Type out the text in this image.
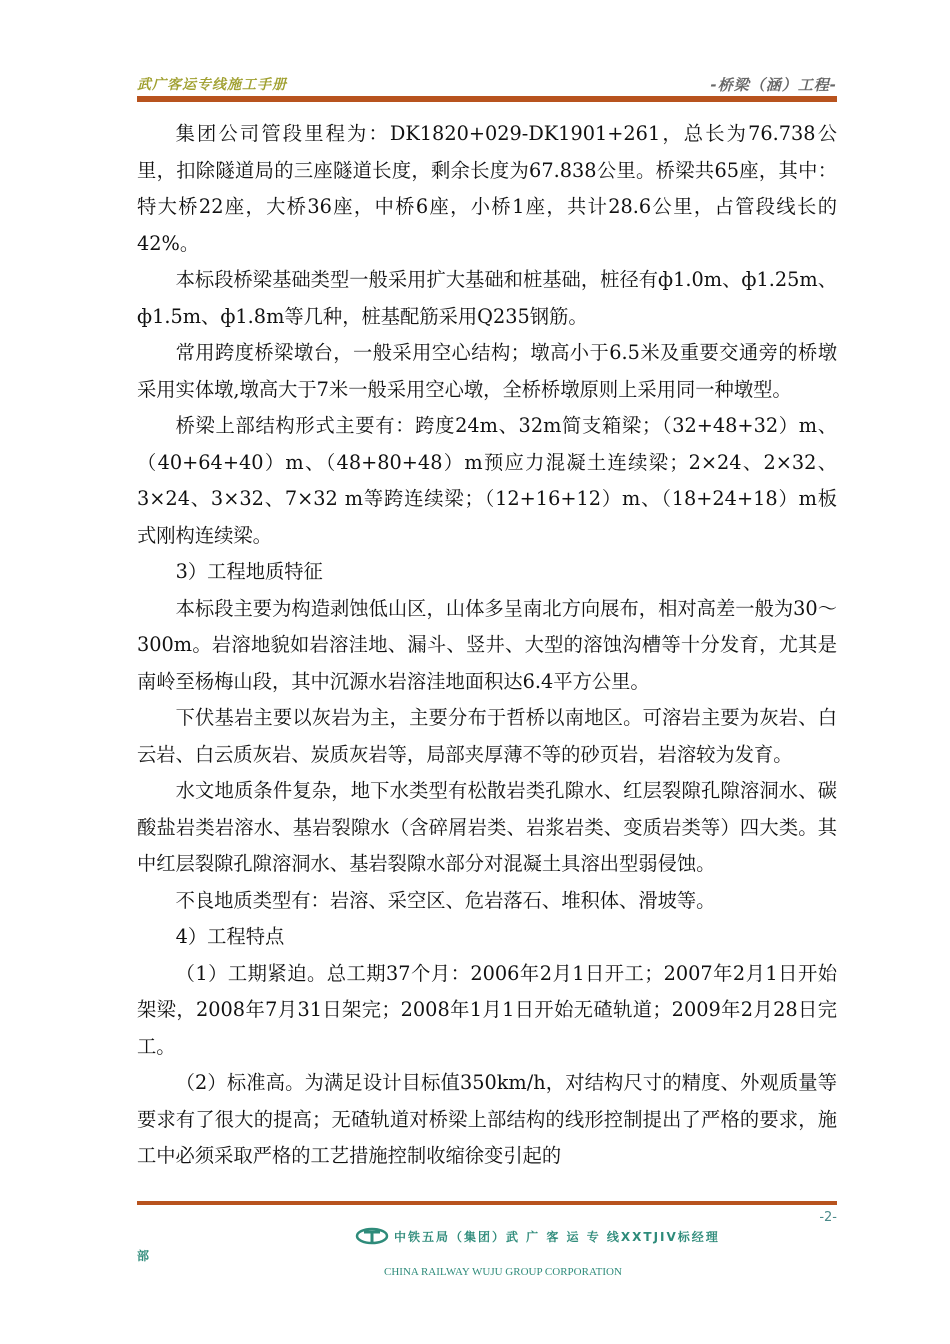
武广客运专线施工手册	-桥梁（涵）工程-

集团公司管段里程为：DK1820+029-DK1901+261，总长为76.738公里，扣除隧道局的三座隧道长度，剩余长度为67.838公里。桥梁共65座，其中：特大桥22座，大桥36座，中桥6座，小桥1座，共计28.6公里，占管段线长的42%。

本标段桥梁基础类型一般采用扩大基础和桩基础，桩径有ф1.0m、ф1.25m、ф1.5m、ф1.8m等几种，桩基配筋采用Q235钢筋。

常用跨度桥梁墩台，一般采用空心结构；墩高小于6.5米及重要交通旁的桥墩采用实体墩,墩高大于7米一般采用空心墩，全桥桥墩原则上采用同一种墩型。

桥梁上部结构形式主要有：跨度24m、32m简支箱梁；（32+48+32）m、（40+64+40）m、（48+80+48）m预应力混凝土连续梁；2×24、2×32、3×24、3×32、7×32 m等跨连续梁；（12+16+12）m、（18+24+18）m板式刚构连续梁。

3）工程地质特征

本标段主要为构造剥蚀低山区，山体多呈南北方向展布，相对高差一般为30～300m。岩溶地貌如岩溶洼地、漏斗、竖井、大型的溶蚀沟槽等十分发育，尤其是南岭至杨梅山段，其中沉源水岩溶洼地面积达6.4平方公里。

下伏基岩主要以灰岩为主，主要分布于哲桥以南地区。可溶岩主要为灰岩、白云岩、白云质灰岩、炭质灰岩等，局部夹厚薄不等的砂页岩，岩溶较为发育。

水文地质条件复杂，地下水类型有松散岩类孔隙水、红层裂隙孔隙溶洞水、碳酸盐岩类岩溶水、基岩裂隙水（含碎屑岩类、岩浆岩类、变质岩类等）四大类。其中红层裂隙孔隙溶洞水、基岩裂隙水部分对混凝土具溶出型弱侵蚀。

不良地质类型有：岩溶、采空区、危岩落石、堆积体、滑坡等。

4）工程特点

（1）工期紧迫。总工期37个月：2006年2月1日开工；2007年2月1日开始架梁，2008年7月31日架完；2008年1月1日开始无碴轨道；2009年2月28日完工。

（2）标准高。为满足设计目标值350km/h，对结构尺寸的精度、外观质量等要求有了很大的提高；无碴轨道对桥梁上部结构的线形控制提出了严格的要求，施工中必须采取严格的工艺措施控制收缩徐变引起的

-2-
中铁五局（集团）武 广 客 运 专 线XXTJIV标经理
部
CHINA RAILWAY WUJU GROUP CORPORATION
